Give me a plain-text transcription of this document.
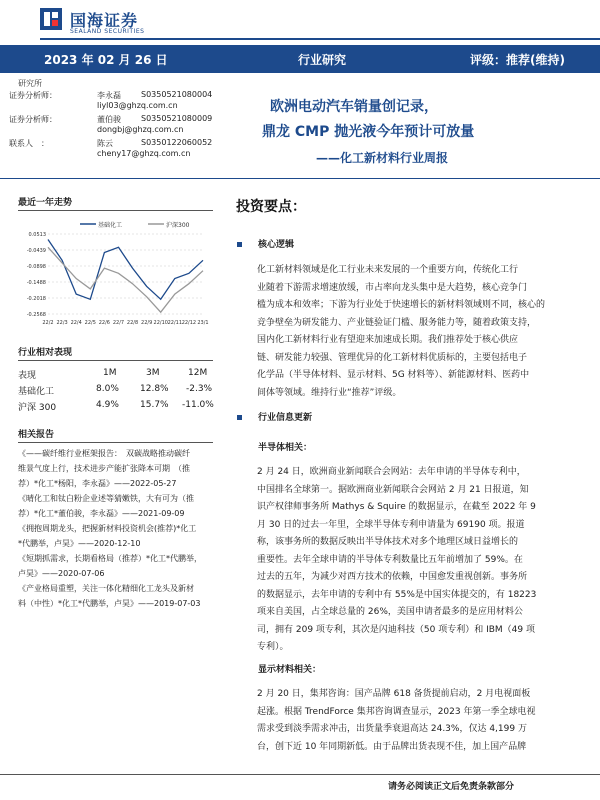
国海证券
SEALAND SECURITIES
2023 年 02 月 26 日	行业研究	评级：推荐(维持)
研究所
证券分析师：	李永磊	S0350521080004
liyl03@ghzq.com.cn
证券分析师：	董伯骏	S0350521080009
dongbj@ghzq.com.cn
联系人　：	陈云	S0350122060052
cheny17@ghzq.com.cn
欧洲电动汽车销量创记录，
鼎龙 CMP 抛光液今年预计可放量
——化工新材料行业周报
最近一年走势
0.0513
-0.0439
-0.0898
-0.1488
-0.2018
-0.2568
22/2 22/3 22/4 22/5 22/6 22/7 22/8 22/9 22/10 22/11 22/12 23/1
基础化工	沪深300
行业相对表现
表现	1M	3M	12M
基础化工	8.0% 12.8% -2.3%
沪深 300	4.9% 15.7% -11.0%
相关报告
《——碳纤维行业框架报告：　双碳战略推动碳纤
维景气度上行，技术进步产能扩张降本可期　（推
荐）*化工*杨阳，李永磊》——2022-05-27
《晴化工和钛白粉企业述等猜嫩铁，大有可为（推
荐）*化工*董伯骏，李永磊》——2021-09-09
《拥抱周期龙头，把握新材料投资机会(推荐)*化工
*代鹏举，卢昊》——2020-12-10
《短期抓需求，长期看格局（推荐）*化工*代鹏举，
卢昊》——2020-07-06
《产业格局重塑，关注一体化精细化工龙头及新材
料（中性）*化工*代鹏举，卢昊》——2019-07-03
投资要点：
核心逻辑
化工新材料领域是化工行业未来发展的一个重要方向，传统化工行
业随着下游需求增速放缓，市占率向龙头集中是大趋势，核心竞争门
槛为成本和效率；下游为行业处于快速增长的新材料领域则不同，核心的
竞争壁垒为研发能力、产业链验证门槛、服务能力等，随着政策支持，
国内化工新材料行业有望迎来加速成长期。我们推荐处于核心供应
链、研发能力较强、管理优异的化工新材料优质标的，主要包括电子
化学品（半导体材料、显示材料、5G 材料等）、新能源材料、医药中
间体等领域。维持行业“推荐”评级。
行业信息更新
半导体相关：
2 月 24 日，欧洲商业新闻联合会网站：去年申请的半导体专利中，
中国排名全球第一。据欧洲商业新闻联合会网站 2 月 21 日报道，知
识产权律师事务所 Mathys & Squire 的数据显示，在截至 2022 年 9
月 30 日的过去一年里，全球半导体专利申请量为 69190 项。报道
称，该事务所的数据反映出半导体技术对多个地理区域日益增长的
重要性。去年全球申请的半导体专利数量比五年前增加了 59%。在
过去的五年，为减少对西方技术的依赖，中国愈发重视创新。事务所
的数据显示，去年申请的专利中有 55%是中国实体提交的，有 18223
项来自美国，占全球总量的 26%，美国申请者最多的是应用材料公
司，拥有 209 项专利，其次是闪迪科技（50 项专利）和 IBM（49 项
专利）。
显示材料相关：
2 月 20 日，集邦咨询：国产品牌 618 备货提前启动，2 月电视面板
起涨。根据 TrendForce 集邦咨询调查显示，2023 年第一季全球电视
需求受到淡季需求冲击，出货量季衰退高达 24.3%，仅达 4,199 万
台，创下近 10 年同期新低。由于品牌出货表现不佳，加上国产品牌
请务必阅读正文后免责条款部分
